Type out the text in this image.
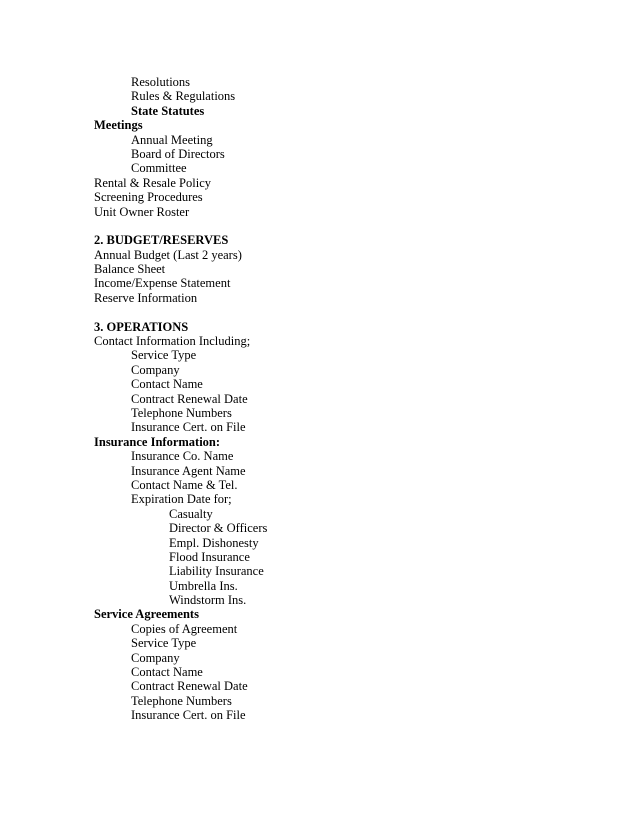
Resolutions
Rules & Regulations
State Statutes
Meetings
Annual Meeting
Board of Directors
Committee
Rental & Resale Policy
Screening Procedures
Unit Owner Roster
2. BUDGET/RESERVES
Annual Budget (Last 2 years)
Balance Sheet
Income/Expense Statement
Reserve Information
3. OPERATIONS
Contact Information Including;
Service Type
Company
Contact Name
Contract Renewal Date
Telephone Numbers
Insurance Cert. on File
Insurance Information:
Insurance Co. Name
Insurance Agent Name
Contact Name & Tel.
Expiration Date for;
Casualty
Director & Officers
Empl. Dishonesty
Flood Insurance
Liability Insurance
Umbrella Ins.
Windstorm Ins.
Service Agreements
Copies of Agreement
Service Type
Company
Contact Name
Contract Renewal Date
Telephone Numbers
Insurance Cert. on File
